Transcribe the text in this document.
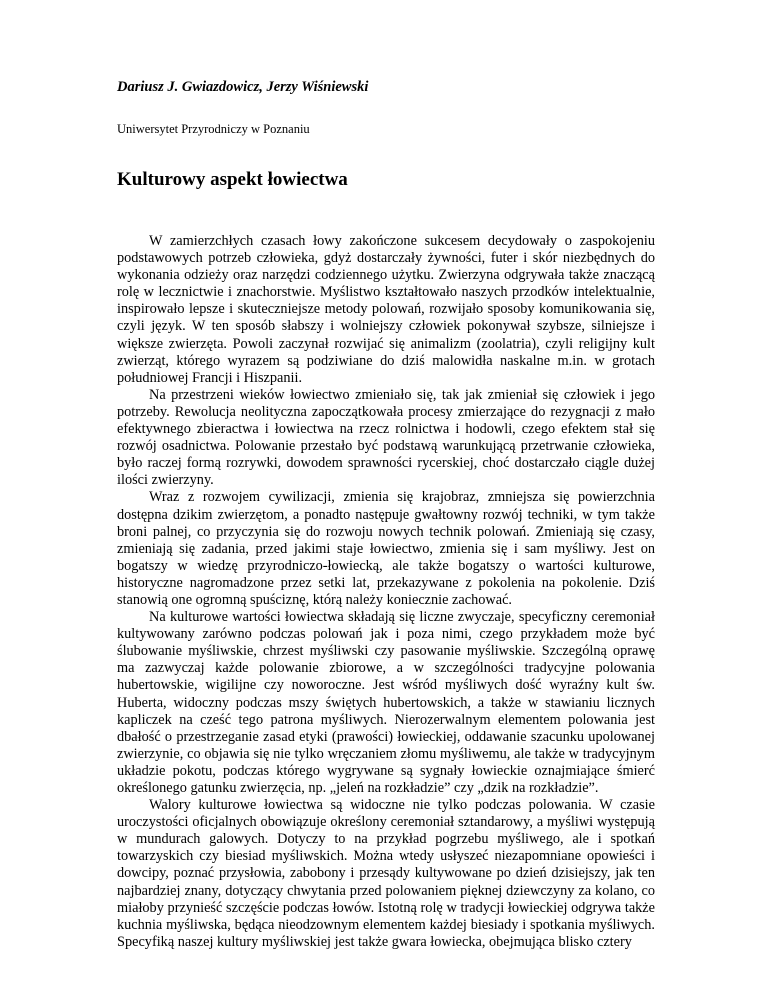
Dariusz J. Gwiazdowicz, Jerzy Wiśniewski
Uniwersytet Przyrodniczy w Poznaniu
Kulturowy aspekt łowiectwa

W zamierzchłych czasach łowy zakończone sukcesem decydowały o zaspokojeniu podstawowych potrzeb człowieka, gdyż dostarczały żywności, futer i skór niezbędnych do wykonania odzieży oraz narzędzi codziennego użytku. Zwierzyna odgrywała także znaczącą rolę w lecznictwie i znachorstwie. Myślistwo kształtowało naszych przodków intelektualnie, inspirowało lepsze i skuteczniejsze metody polowań, rozwijało sposoby komunikowania się, czyli język. W ten sposób słabszy i wolniejszy człowiek pokonywał szybsze, silniejsze i większe zwierzęta. Powoli zaczynał rozwijać się animalizm (zoolatria), czyli religijny kult zwierząt, którego wyrazem są podziwiane do dziś malowidła naskalne m.in. w grotach południowej Francji i Hiszpanii.

Na przestrzeni wieków łowiectwo zmieniało się, tak jak zmieniał się człowiek i jego potrzeby. Rewolucja neolityczna zapoczątkowała procesy zmierzające do rezygnacji z mało efektywnego zbieractwa i łowiectwa na rzecz rolnictwa i hodowli, czego efektem stał się rozwój osadnictwa. Polowanie przestało być podstawą warunkującą przetrwanie człowieka, było raczej formą rozrywki, dowodem sprawności rycerskiej, choć dostarczało ciągle dużej ilości zwierzyny.

Wraz z rozwojem cywilizacji, zmienia się krajobraz, zmniejsza się powierzchnia dostępna dzikim zwierzętom, a ponadto następuje gwałtowny rozwój techniki, w tym także broni palnej, co przyczynia się do rozwoju nowych technik polowań. Zmieniają się czasy, zmieniają się zadania, przed jakimi staje łowiectwo, zmienia się i sam myśliwy. Jest on bogatszy w wiedzę przyrodniczo-łowiecką, ale także bogatszy o wartości kulturowe, historyczne nagromadzone przez setki lat, przekazywane z pokolenia na pokolenie. Dziś stanowią one ogromną spuściznę, którą należy koniecznie zachować.

Na kulturowe wartości łowiectwa składają się liczne zwyczaje, specyficzny ceremoniał kultywowany zarówno podczas polowań jak i poza nimi, czego przykładem może być ślubowanie myśliwskie, chrzest myśliwski czy pasowanie myśliwskie. Szczególną oprawę ma zazwyczaj każde polowanie zbiorowe, a w szczególności tradycyjne polowania hubertowskie, wigilijne czy noworoczne. Jest wśród myśliwych dość wyraźny kult św. Huberta, widoczny podczas mszy świętych hubertowskich, a także w stawianiu licznych kapliczek na cześć tego patrona myśliwych. Nierozerwalnym elementem polowania jest dbałość o przestrzeganie zasad etyki (prawości) łowieckiej, oddawanie szacunku upolowanej zwierzynie, co objawia się nie tylko wręczaniem złomu myśliwemu, ale także w tradycyjnym układzie pokotu, podczas którego wygrywane są sygnały łowieckie oznajmiające śmierć określonego gatunku zwierzęcia, np. „jeleń na rozkładzie” czy „dzik na rozkładzie”.

Walory kulturowe łowiectwa są widoczne nie tylko podczas polowania. W czasie uroczystości oficjalnych obowiązuje określony ceremoniał sztandarowy, a myśliwi występują w mundurach galowych. Dotyczy to na przykład pogrzebu myśliwego, ale i spotkań towarzyskich czy biesiad myśliwskich. Można wtedy usłyszeć niezapomniane opowieści i dowcipy, poznać przysłowia, zabobony i przesądy kultywowane po dzień dzisiejszy, jak ten najbardziej znany, dotyczący chwytania przed polowaniem pięknej dziewczyny za kolano, co miałoby przynieść szczęście podczas łowów. Istotną rolę w tradycji łowieckiej odgrywa także kuchnia myśliwska, będąca nieodzownym elementem każdej biesiady i spotkania myśliwych. Specyfiką naszej kultury myśliwskiej jest także gwara łowiecka, obejmująca blisko cztery
